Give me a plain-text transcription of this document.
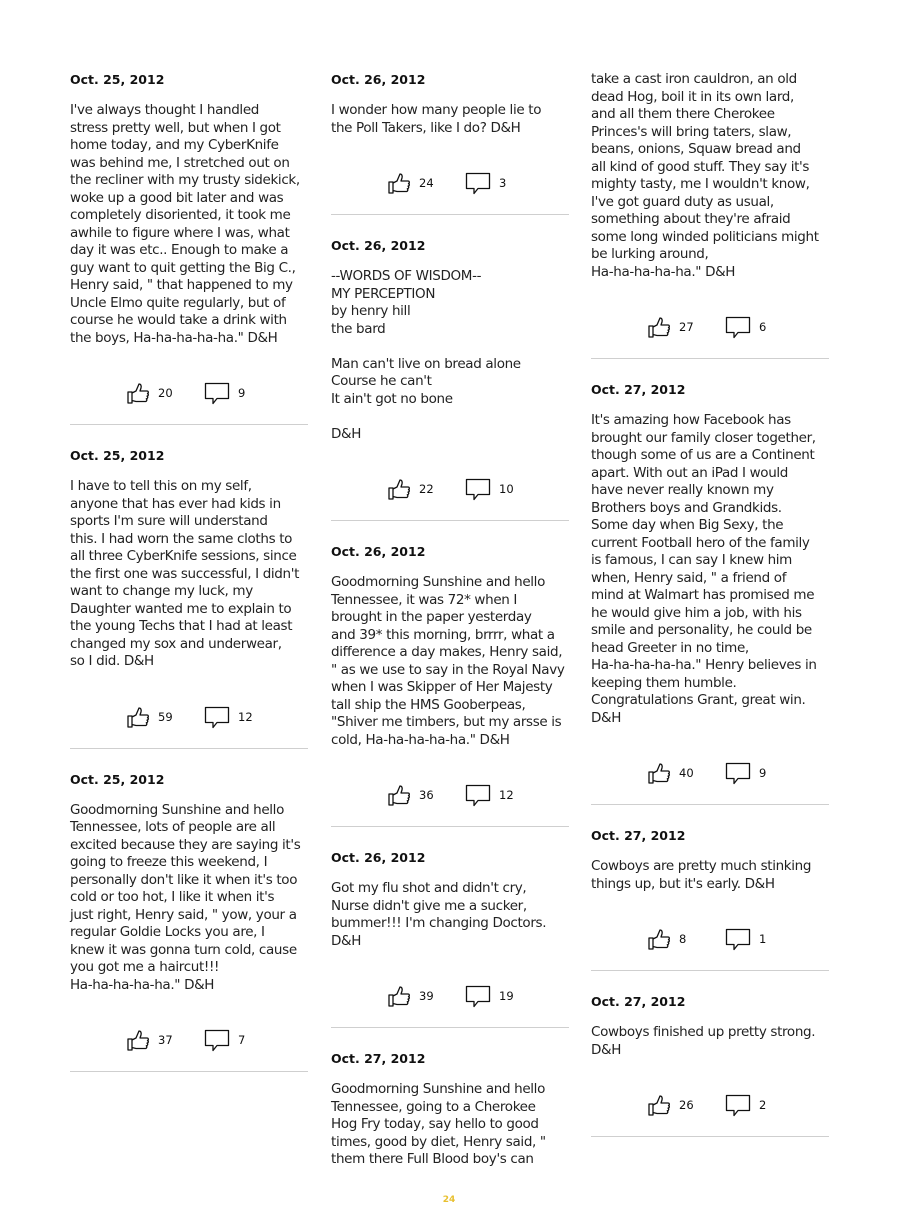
Oct. 25, 2012
I've always thought I handled
stress pretty well, but when I got
home today, and my CyberKnife
was behind me, I stretched out on
the recliner with my trusty sidekick,
woke up a good bit later and was
completely disoriented, it took me
awhile to figure where I was, what
day it was etc.. Enough to make a
guy want to quit getting the Big C.,
Henry said, " that happened to my
Uncle Elmo quite regularly, but of
course he would take a drink with
the boys, Ha-ha-ha-ha-ha." D&H
20	9
Oct. 25, 2012
I have to tell this on my self,
anyone that has ever had kids in
sports I'm sure will understand
this. I had worn the same cloths to
all three CyberKnife sessions, since
the first one was successful, I didn't
want to change my luck, my
Daughter wanted me to explain to
the young Techs that I had at least
changed my sox and underwear,
so I did. D&H
59	12
Oct. 25, 2012
Goodmorning Sunshine and hello
Tennessee, lots of people are all
excited because they are saying it's
going to freeze this weekend, I
personally don't like it when it's too
cold or too hot, I like it when it's
just right, Henry said, " yow, your a
regular Goldie Locks you are, I
knew it was gonna turn cold, cause
you got me a haircut!!!
Ha-ha-ha-ha-ha." D&H
37	7
Oct. 26, 2012
I wonder how many people lie to
the Poll Takers, like I do? D&H
24	3
Oct. 26, 2012
--WORDS OF WISDOM--
MY PERCEPTION
by henry hill
the bard

Man can't live on bread alone
Course he can't
It ain't got no bone

D&H
22	10
Oct. 26, 2012
Goodmorning Sunshine and hello
Tennessee, it was 72* when I
brought in the paper yesterday
and 39* this morning, brrrr, what a
difference a day makes, Henry said,
" as we use to say in the Royal Navy
when I was Skipper of Her Majesty
tall ship the HMS Gooberpeas,
"Shiver me timbers, but my arsse is
cold, Ha-ha-ha-ha-ha." D&H
36	12
Oct. 26, 2012
Got my flu shot and didn't cry,
Nurse didn't give me a sucker,
bummer!!! I'm changing Doctors.
D&H
39	19
Oct. 27, 2012
Goodmorning Sunshine and hello
Tennessee, going to a Cherokee
Hog Fry today, say hello to good
times, good by diet, Henry said, "
them there Full Blood boy's can
take a cast iron cauldron, an old
dead Hog, boil it in its own lard,
and all them there Cherokee
Princes's will bring taters, slaw,
beans, onions, Squaw bread and
all kind of good stuff. They say it's
mighty tasty, me I wouldn't know,
I've got guard duty as usual,
something about they're afraid
some long winded politicians might
be lurking around,
Ha-ha-ha-ha-ha." D&H
27	6
Oct. 27, 2012
It's amazing how Facebook has
brought our family closer together,
though some of us are a Continent
apart. With out an iPad I would
have never really known my
Brothers boys and Grandkids.
Some day when Big Sexy, the
current Football hero of the family
is famous, I can say I knew him
when, Henry said, " a friend of
mind at Walmart has promised me
he would give him a job, with his
smile and personality, he could be
head Greeter in no time,
Ha-ha-ha-ha-ha." Henry believes in
keeping them humble.
Congratulations Grant, great win.
D&H
40	9
Oct. 27, 2012
Cowboys are pretty much stinking
things up, but it's early. D&H
8	1
Oct. 27, 2012
Cowboys finished up pretty strong.
D&H
26	2
24
